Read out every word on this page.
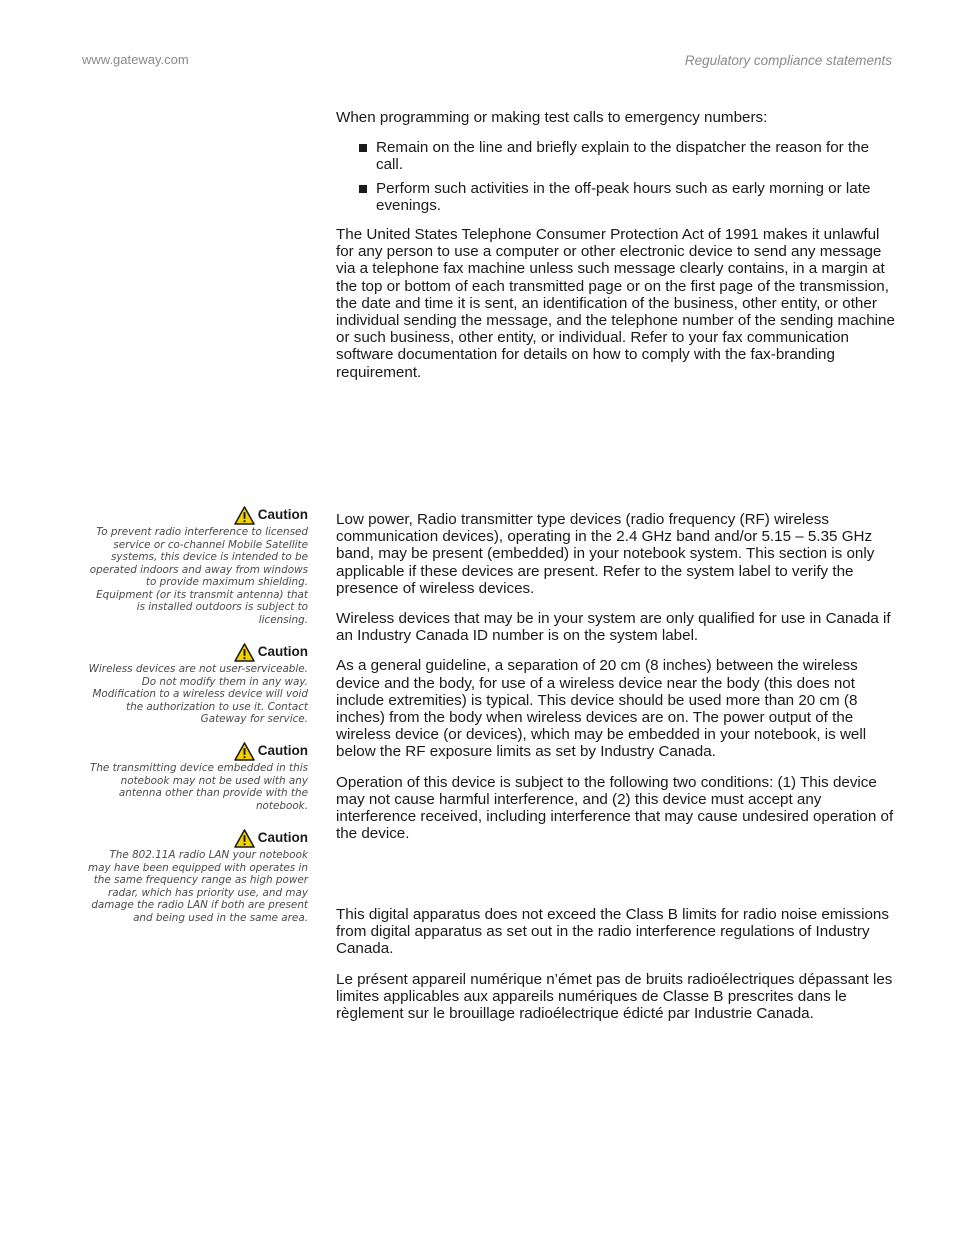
www.gateway.com	Regulatory compliance statements

When programming or making test calls to emergency numbers:

Remain on the line and briefly explain to the dispatcher the reason for the call.
Perform such activities in the off-peak hours such as early morning or late evenings.

The United States Telephone Consumer Protection Act of 1991 makes it unlawful for any person to use a computer or other electronic device to send any message via a telephone fax machine unless such message clearly contains, in a margin at the top or bottom of each transmitted page or on the first page of the transmission, the date and time it is sent, an identification of the business, other entity, or other individual sending the message, and the telephone number of the sending machine or such business, other entity, or individual. Refer to your fax communication software documentation for details on how to comply with the fax-branding requirement.

Low power, Radio transmitter type devices (radio frequency (RF) wireless communication devices), operating in the 2.4 GHz band and/or 5.15 – 5.35 GHz band, may be present (embedded) in your notebook system. This section is only applicable if these devices are present. Refer to the system label to verify the presence of wireless devices.

Wireless devices that may be in your system are only qualified for use in Canada if an Industry Canada ID number is on the system label.

As a general guideline, a separation of 20 cm (8 inches) between the wireless device and the body, for use of a wireless device near the body (this does not include extremities) is typical. This device should be used more than 20 cm (8 inches) from the body when wireless devices are on. The power output of the wireless device (or devices), which may be embedded in your notebook, is well below the RF exposure limits as set by Industry Canada.

Operation of this device is subject to the following two conditions: (1) This device may not cause harmful interference, and (2) this device must accept any interference received, including interference that may cause undesired operation of the device.

This digital apparatus does not exceed the Class B limits for radio noise emissions from digital apparatus as set out in the radio interference regulations of Industry Canada.

Le présent appareil numérique n’émet pas de bruits radioélectriques dépassant les limites applicables aux appareils numériques de Classe B prescrites dans le règlement sur le brouillage radioélectrique édicté par Industrie Canada.

Caution
To prevent radio interference to licensed service or co-channel Mobile Satellite systems, this device is intended to be operated indoors and away from windows to provide maximum shielding. Equipment (or its transmit antenna) that is installed outdoors is subject to licensing.
Caution
Wireless devices are not user-serviceable. Do not modify them in any way. Modification to a wireless device will void the authorization to use it. Contact Gateway for service.
Caution
The transmitting device embedded in this notebook may not be used with any antenna other than provide with the notebook.
Caution
The 802.11A radio LAN your notebook may have been equipped with operates in the same frequency range as high power radar, which has priority use, and may damage the radio LAN if both are present and being used in the same area.
